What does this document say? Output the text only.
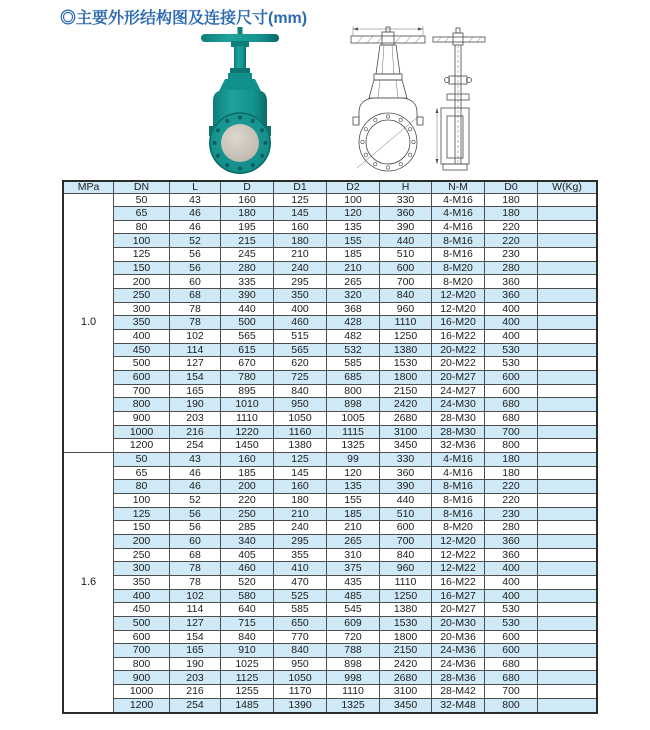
◎主要外形结构图及连接尺寸(mm)
MPa	DN	L	D	D1	D2	H	N-M	D0	W(Kg)
1.0	50	43	160	125	100	330	4-M16	180	
	65	46	180	145	120	360	4-M16	180	
	80	46	195	160	135	390	4-M16	220	
	100	52	215	180	155	440	8-M16	220	
	125	56	245	210	185	510	8-M16	230	
	150	56	280	240	210	600	8-M20	280	
	200	60	335	295	265	700	8-M20	360	
	250	68	390	350	320	840	12-M20	360	
	300	78	440	400	368	960	12-M20	400	
	350	78	500	460	428	1110	16-M20	400	
	400	102	565	515	482	1250	16-M22	400	
	450	114	615	565	532	1380	20-M22	530	
	500	127	670	620	585	1530	20-M22	530	
	600	154	780	725	685	1800	20-M27	600	
	700	165	895	840	800	2150	24-M27	600	
	800	190	1010	950	898	2420	24-M30	680	
	900	203	1110	1050	1005	2680	28-M30	680	
	1000	216	1220	1160	1115	3100	28-M30	700	
	1200	254	1450	1380	1325	3450	32-M36	800	
1.6	50	43	160	125	99	330	4-M16	180	
	65	46	185	145	120	360	4-M16	180	
	80	46	200	160	135	390	8-M16	220	
	100	52	220	180	155	440	8-M16	220	
	125	56	250	210	185	510	8-M16	230	
	150	56	285	240	210	600	8-M20	280	
	200	60	340	295	265	700	12-M20	360	
	250	68	405	355	310	840	12-M22	360	
	300	78	460	410	375	960	12-M22	400	
	350	78	520	470	435	1110	16-M22	400	
	400	102	580	525	485	1250	16-M27	400	
	450	114	640	585	545	1380	20-M27	530	
	500	127	715	650	609	1530	20-M30	530	
	600	154	840	770	720	1800	20-M36	600	
	700	165	910	840	788	2150	24-M36	600	
	800	190	1025	950	898	2420	24-M36	680	
	900	203	1125	1050	998	2680	28-M36	680	
	1000	216	1255	1170	1110	3100	28-M42	700	
	1200	254	1485	1390	1325	3450	32-M48	800	
